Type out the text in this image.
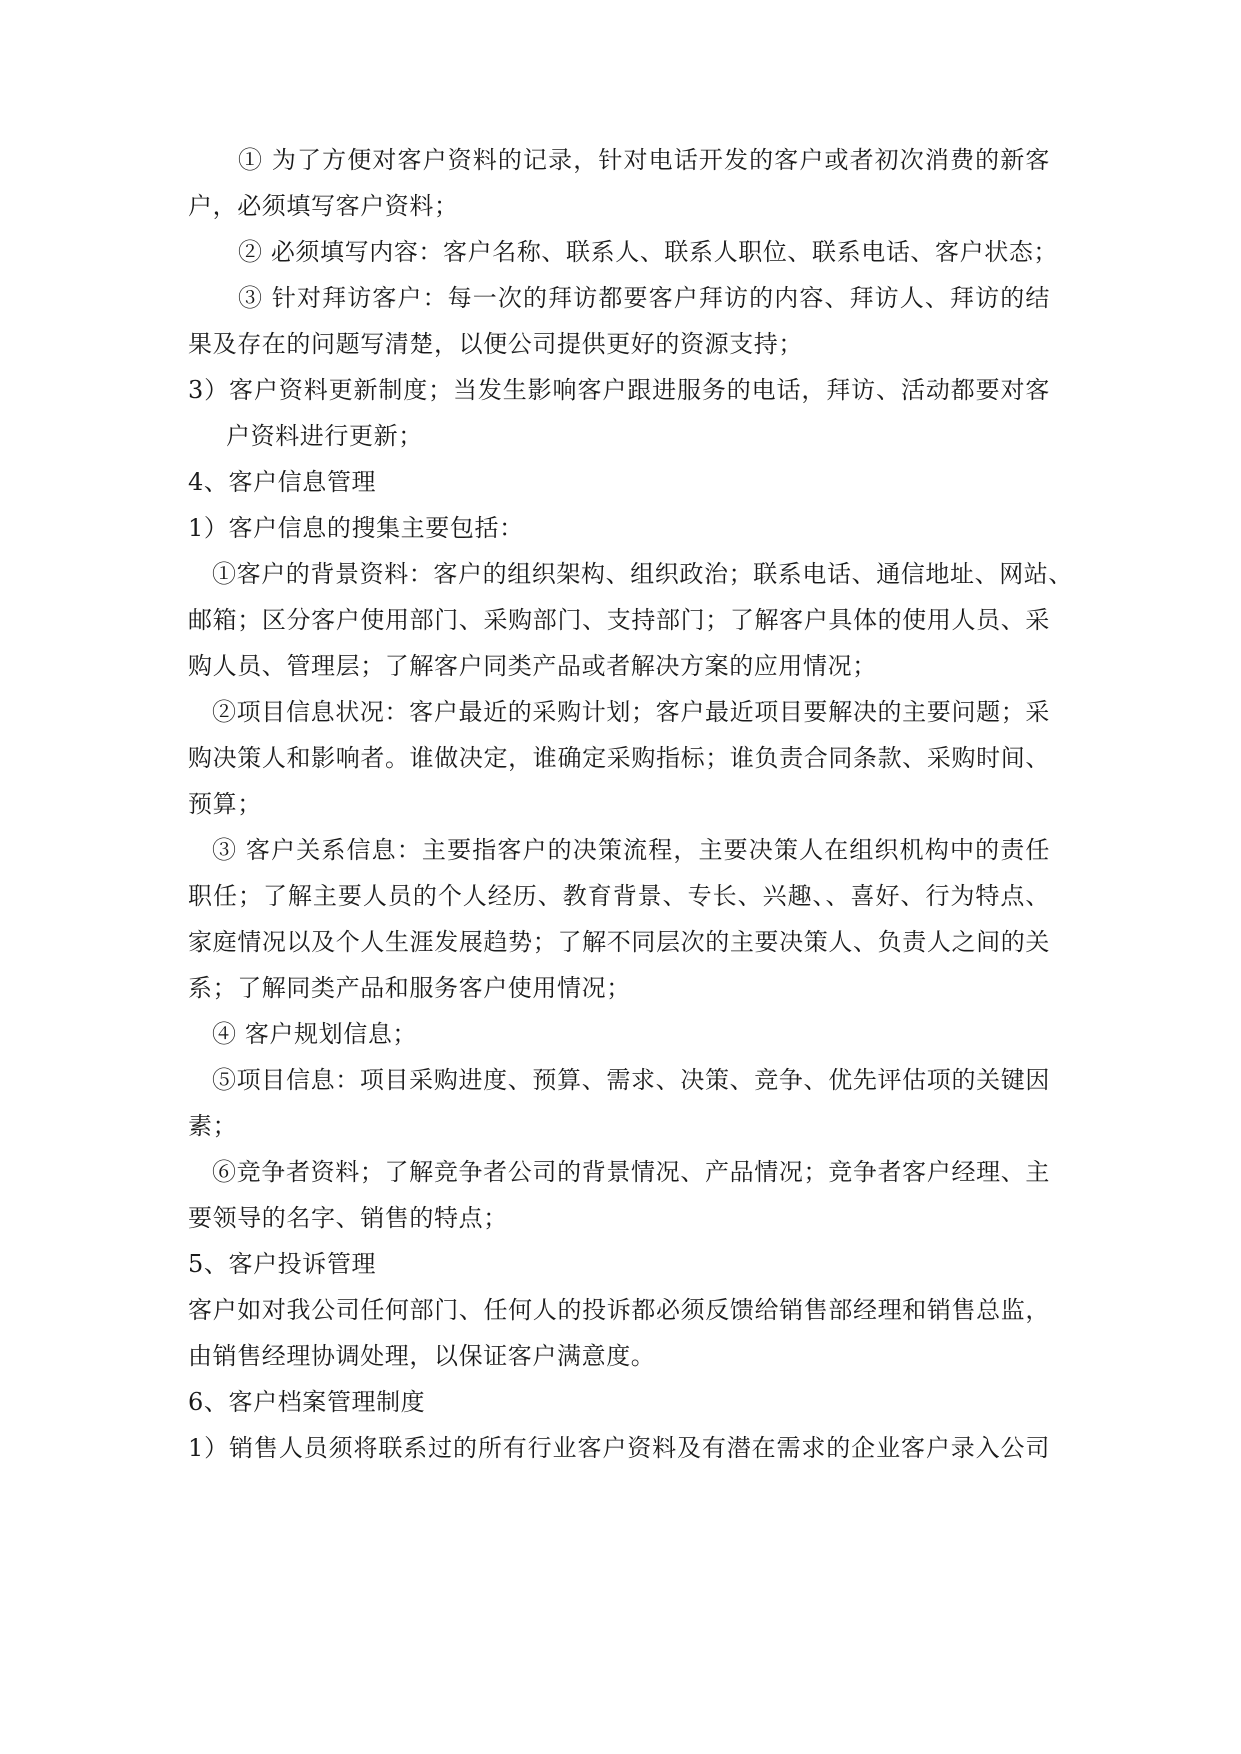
① 为了方便对客户资料的记录，针对电话开发的客户或者初次消费的新客
户，必须填写客户资料；
② 必须填写内容：客户名称、联系人、联系人职位、联系电话、客户状态；
③ 针对拜访客户：每一次的拜访都要客户拜访的内容、拜访人、拜访的结
果及存在的问题写清楚，以便公司提供更好的资源支持；
3）客户资料更新制度；当发生影响客户跟进服务的电话，拜访、活动都要对客
户资料进行更新；
4、客户信息管理
1）客户信息的搜集主要包括：
①客户的背景资料：客户的组织架构、组织政治；联系电话、通信地址、网站、
邮箱；区分客户使用部门、采购部门、支持部门；了解客户具体的使用人员、采
购人员、管理层；了解客户同类产品或者解决方案的应用情况；
②项目信息状况：客户最近的采购计划；客户最近项目要解决的主要问题；采
购决策人和影响者。谁做决定，谁确定采购指标；谁负责合同条款、采购时间、
预算；
③ 客户关系信息：主要指客户的决策流程，主要决策人在组织机构中的责任
职任；了解主要人员的个人经历、教育背景、专长、兴趣、、喜好、行为特点、
家庭情况以及个人生涯发展趋势；了解不同层次的主要决策人、负责人之间的关
系；了解同类产品和服务客户使用情况；
④ 客户规划信息；
⑤项目信息：项目采购进度、预算、需求、决策、竞争、优先评估项的关键因
素；
⑥竞争者资料；了解竞争者公司的背景情况、产品情况；竞争者客户经理、主
要领导的名字、销售的特点；
5、客户投诉管理
客户如对我公司任何部门、任何人的投诉都必须反馈给销售部经理和销售总监，
由销售经理协调处理，以保证客户满意度。
6、客户档案管理制度
1）销售人员须将联系过的所有行业客户资料及有潜在需求的企业客户录入公司
